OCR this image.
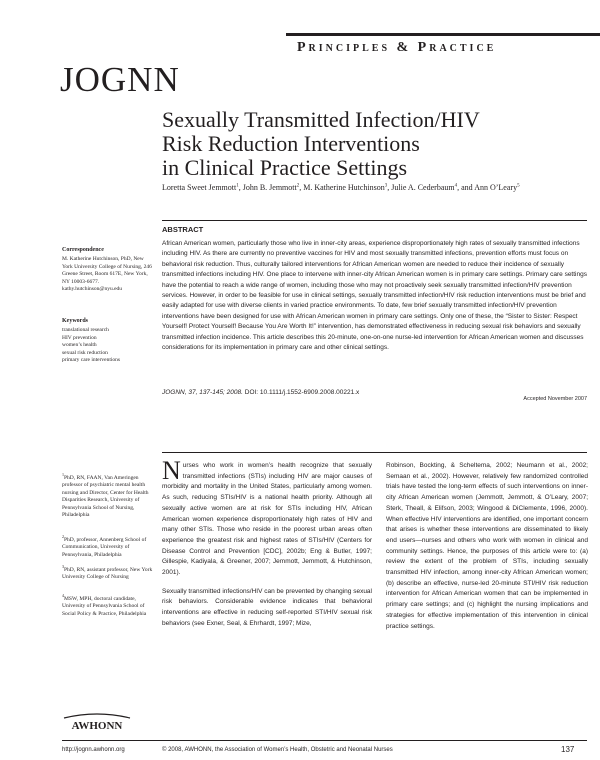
Principles & Practice
JOGNN
Sexually Transmitted Infection/HIV
Risk Reduction Interventions
in Clinical Practice Settings
Loretta Sweet Jemmott$^1$, John B. Jemmott$^2$, M. Katherine Hutchinson$^3$, Julie A. Cederbaum$^4$, and Ann O’Leary$^5$
ABSTRACT
African American women, particularly those who live in inner-city areas, experience disproportionately high rates of sexually transmitted infections including HIV. As there are currently no preventive vaccines for HIV and most sexually transmitted infections, prevention efforts must focus on behavioral risk reduction. Thus, culturally tailored interventions for African American women are needed to reduce their incidence of sexually transmitted infections including HIV. One place to intervene with inner-city African American women is in primary care settings. Primary care settings have the potential to reach a wide range of women, including those who may not proactively seek sexually transmitted infection/HIV prevention services. However, in order to be feasible for use in clinical settings, sexually transmitted infection/HIV risk reduction interventions must be brief and easily adapted for use with diverse clients in varied practice environments. To date, few brief sexually transmitted infection/HIV prevention interventions have been designed for use with African American women in primary care settings. Only one of these, the “Sister to Sister: Respect Yourself! Protect Yourself! Because You Are Worth It!” intervention, has demonstrated effectiveness in reducing sexual risk behaviors and sexually transmitted infection incidence. This article describes this 20-minute, one-on-one nurse-led intervention for African American women and discusses considerations for its implementation in primary care and other clinical settings.
JOGNN, 37, 137-145; 2008. DOI: 10.1111/j.1552-6909.2008.00221.x
Accepted November 2007
Correspondence
M. Katherine Hutchinson, PhD, New York University College of Nursing, 246 Greene Street, Room 617E, New York, NY 10003-6677. kathy.hutchinson@nyu.edu
Keywords
translational research
HIV prevention
women’s health
sexual risk reduction
primary care interventions
$^1$PhD, RN, FAAN, Van Ameringen professor of psychiatric mental health nursing and Director, Center for Health Disparities Research, University of Pennsylvania School of Nursing, Philadelphia
$^2$PhD, professor, Annenberg School of Communication, University of Pennsylvania, Philadelphia
$^3$PhD, RN, assistant professor, New York University College of Nursing
$^4$MSW, MPH, doctoral candidate, University of Pennsylvania School of Social Policy & Practice, Philadelphia

Nurses who work in women’s health recognize that sexually transmitted infections (STIs) including HIV are major causes of morbidity and mortality in the United States, particularly among women. As such, reducing STIs/HIV is a national health priority. Although all sexually active women are at risk for STIs including HIV, African American women experience disproportionately high rates of HIV and many other STIs. Those who reside in the poorest urban areas often experience the greatest risk and highest rates of STIs/HIV (Centers for Disease Control and Prevention [CDC], 2002b; Eng & Butler, 1997; Gillespie, Kadiyala, & Greener, 2007; Jemmott, Jemmott, & Hutchinson, 2001).

Sexually transmitted infections/HIV can be prevented by changing sexual risk behaviors. Considerable evidence indicates that behavioral interventions are effective in reducing self-reported STI/HIV sexual risk behaviors (see Exner, Seal, & Ehrhardt, 1997; Mize,

Robinson, Bockting, & Scheltema, 2002; Neumann et al., 2002; Semaan et al., 2002). However, relatively few randomized controlled trials have tested the long-term effects of such interventions on inner-city African American women (Jemmott, Jemmott, & O’Leary, 2007; Sterk, Theall, & Elifson, 2003; Wingood & DiClemente, 1996, 2000). When effective HIV interventions are identified, one important concern that arises is whether these interventions are disseminated to likely end users—nurses and others who work with women in clinical and community settings. Hence, the purposes of this article were to: (a) review the extent of the problem of STIs, including sexually transmitted HIV infection, among inner-city African American women; (b) describe an effective, nurse-led 20-minute STI/HIV risk reduction intervention for African American women that can be implemented in primary care settings; and (c) highlight the nursing implications and strategies for effective implementation of this intervention in clinical practice settings.

AWHONN
http://jognn.awhonn.org	© 2008, AWHONN, the Association of Women’s Health, Obstetric and Neonatal Nurses	137
